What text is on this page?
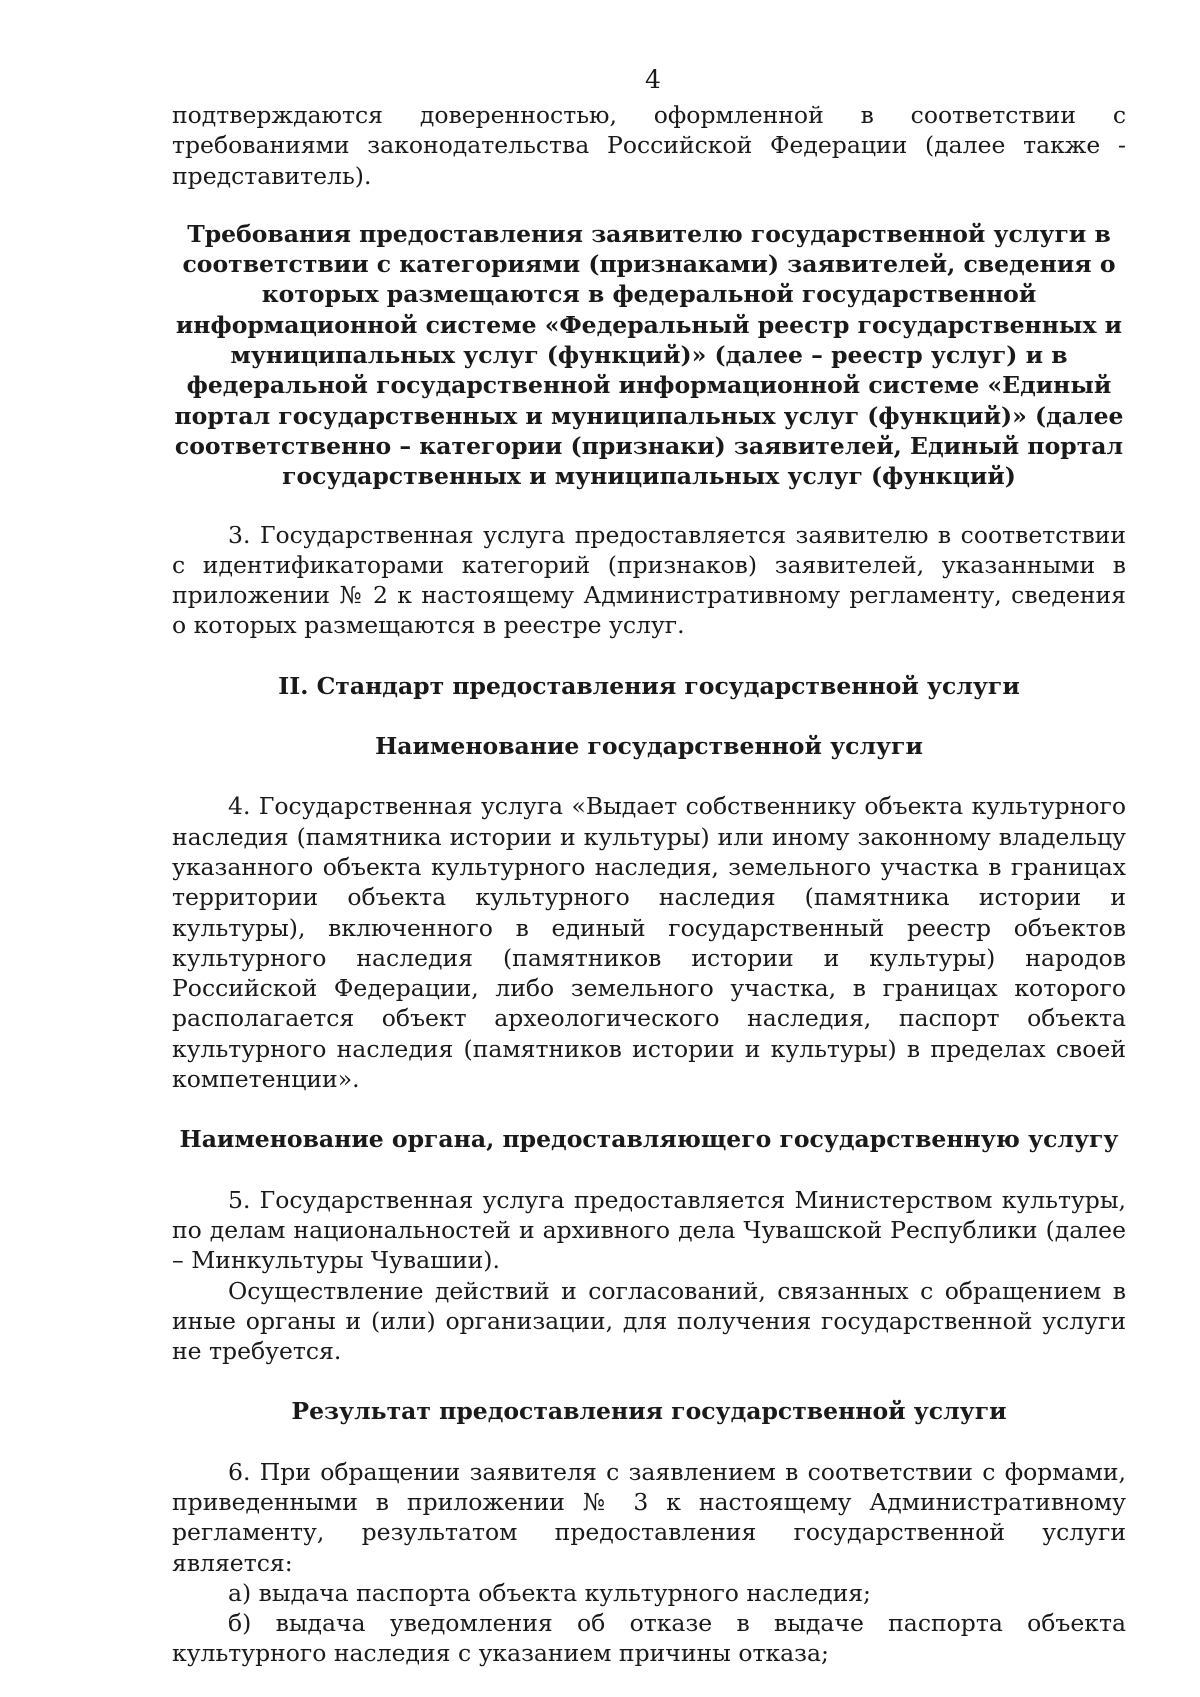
4

подтверждаются доверенностью, оформленной в соответствии с требованиями законодательства Российской Федерации (далее также - представитель).

Требования предоставления заявителю государственной услуги в соответствии с категориями (признаками) заявителей, сведения о которых размещаются в федеральной государственной информационной системе «Федеральный реестр государственных и муниципальных услуг (функций)» (далее – реестр услуг) и в федеральной государственной информационной системе «Единый портал государственных и муниципальных услуг (функций)» (далее соответственно – категории (признаки) заявителей, Единый портал государственных и муниципальных услуг (функций)

3. Государственная услуга предоставляется заявителю в соответствии с идентификаторами категорий (признаков) заявителей, указанными в приложении № 2 к настоящему Административному регламенту, сведения о которых размещаются в реестре услуг.

II. Стандарт предоставления государственной услуги
Наименование государственной услуги

4. Государственная услуга «Выдает собственнику объекта культурного наследия (памятника истории и культуры) или иному законному владельцу указанного объекта культурного наследия, земельного участка в границах территории объекта культурного наследия (памятника истории и культуры), включенного в единый государственный реестр объектов культурного наследия (памятников истории и культуры) народов Российской Федерации, либо земельного участка, в границах которого располагается объект археологического наследия, паспорт объекта культурного наследия (памятников истории и культуры) в пределах своей компетенции».

Наименование органа, предоставляющего государственную услугу

5. Государственная услуга предоставляется Министерством культуры, по делам национальностей и архивного дела Чувашской Республики (далее – Минкультуры Чувашии).

Осуществление действий и согласований, связанных с обращением в иные органы и (или) организации, для получения государственной услуги не требуется.

Результат предоставления государственной услуги

6. При обращении заявителя с заявлением в соответствии с формами, приведенными в приложении № 3 к настоящему Административному регламенту, результатом предоставления государственной услуги является:

а) выдача паспорта объекта культурного наследия;

б) выдача уведомления об отказе в выдаче паспорта объекта культурного наследия с указанием причины отказа;
